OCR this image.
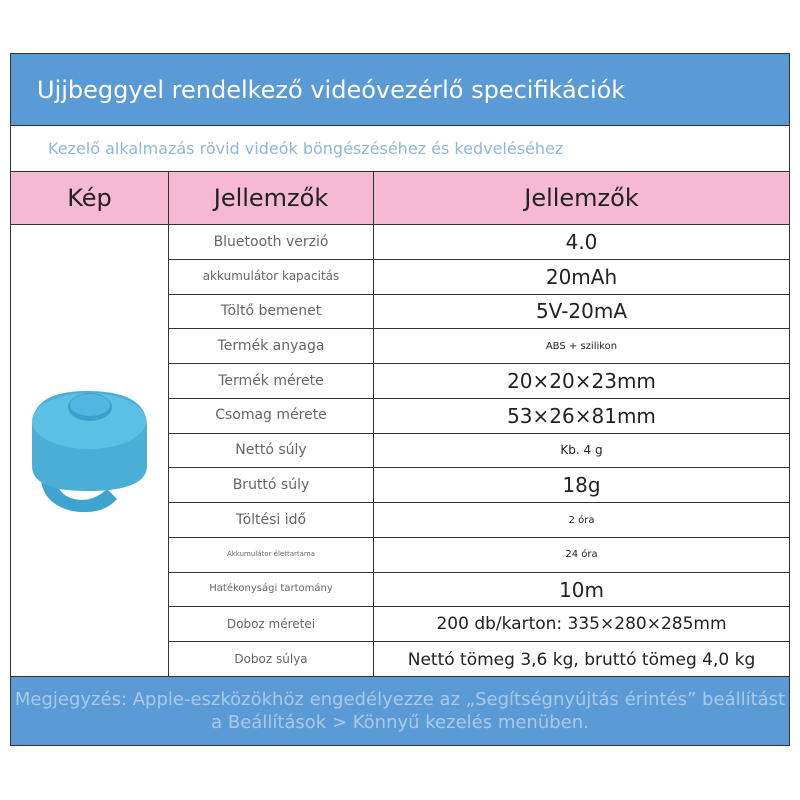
Ujjbeggyel rendelkező videóvezérlő specifikációk
Kezelő alkalmazás rövid videók böngészéséhez és kedveléséhez
Kép	Jellemzők	Jellemzők
Bluetooth verzió	4.0
akkumulátor kapacitás	20mAh
Töltő bemenet	5V-20mA
Termék anyaga	ABS + szilikon
Termék mérete	20×20×23mm
Csomag mérete	53×26×81mm
Nettó súly	Kb. 4 g
Bruttó súly	18g
Töltési idő	2 óra
Akkumulátor élettartama	24 óra
Hatékonysági tartomány	10m
Doboz méretei	200 db/karton: 335×280×285mm
Doboz súlya	Nettó tömeg 3,6 kg, bruttó tömeg 4,0 kg
Megjegyzés: Apple-eszközökhöz engedélyezze az „Segítségnyújtás érintés” beállítást a Beállítások > Könnyű kezelés menüben.
